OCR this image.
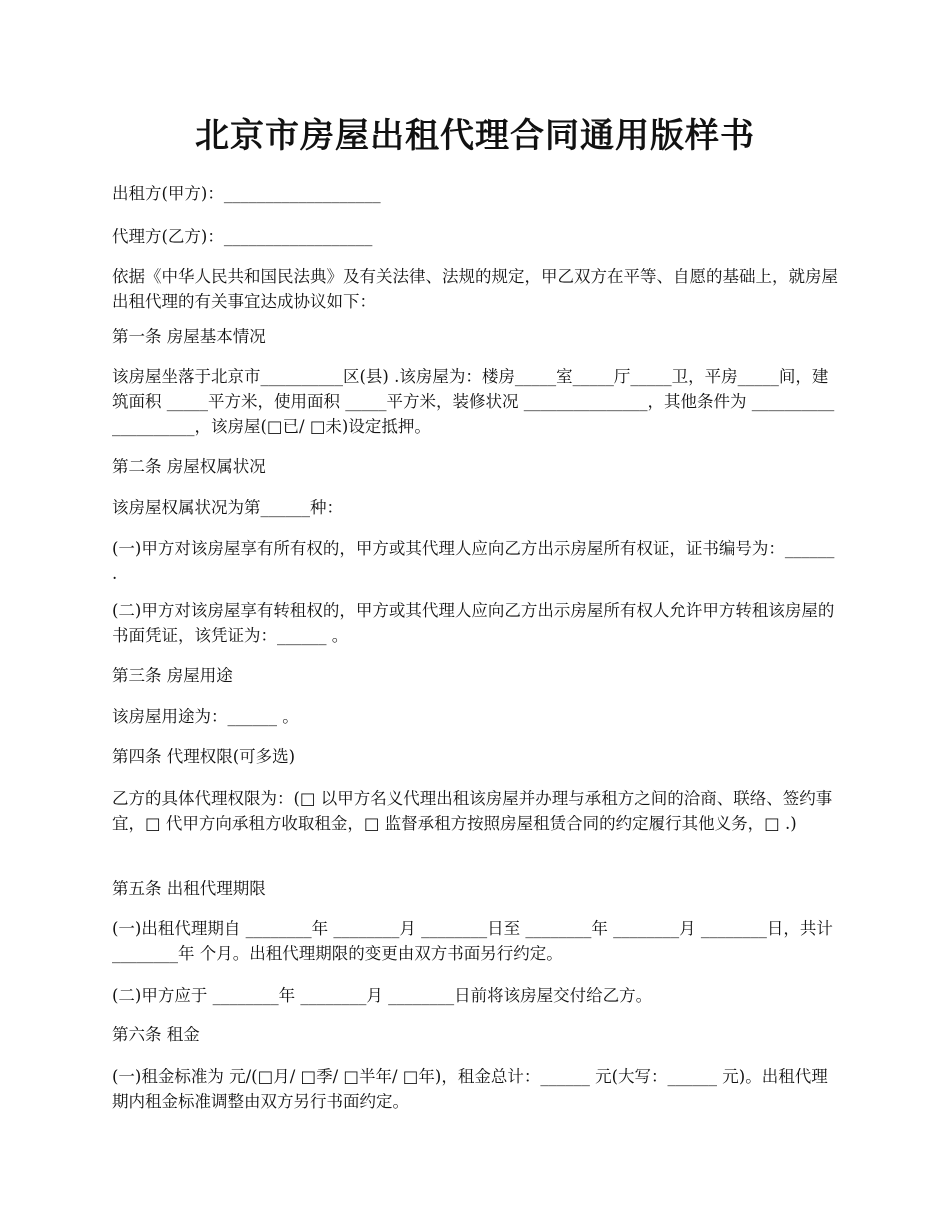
北京市房屋出租代理合同通用版样书

出租方(甲方)：___________________

代理方(乙方)：__________________

依据《中华人民共和国民法典》及有关法律、法规的规定，甲乙双方在平等、自愿的基础上，就房屋出租代理的有关事宜达成协议如下：

第一条 房屋基本情况

该房屋坐落于北京市__________区(县) .该房屋为：楼房_____室_____厅_____卫，平房_____间，建筑面积 _____平方米，使用面积 _____平方米，装修状况 _______________，其他条件为 ____________________，该房屋(□已/ □未)设定抵押。

第二条 房屋权属状况

该房屋权属状况为第______种：

(一)甲方对该房屋享有所有权的，甲方或其代理人应向乙方出示房屋所有权证，证书编号为：______ .

(二)甲方对该房屋享有转租权的，甲方或其代理人应向乙方出示房屋所有权人允许甲方转租该房屋的书面凭证，该凭证为：______ 。

第三条 房屋用途

该房屋用途为：______ 。

第四条 代理权限(可多选)

乙方的具体代理权限为：(□ 以甲方名义代理出租该房屋并办理与承租方之间的洽商、联络、签约事宜，□ 代甲方向承租方收取租金，□ 监督承租方按照房屋租赁合同的约定履行其他义务，□ .)

第五条 出租代理期限

(一)出租代理期自 ________年 ________月 ________日至 ________年 ________月 ________日，共计 ________年 个月。出租代理期限的变更由双方书面另行约定。

(二)甲方应于 ________年 ________月 ________日前将该房屋交付给乙方。

第六条 租金

(一)租金标准为 元/(□月/ □季/ □半年/ □年)，租金总计：______ 元(大写：______ 元)。出租代理期内租金标准调整由双方另行书面约定。
